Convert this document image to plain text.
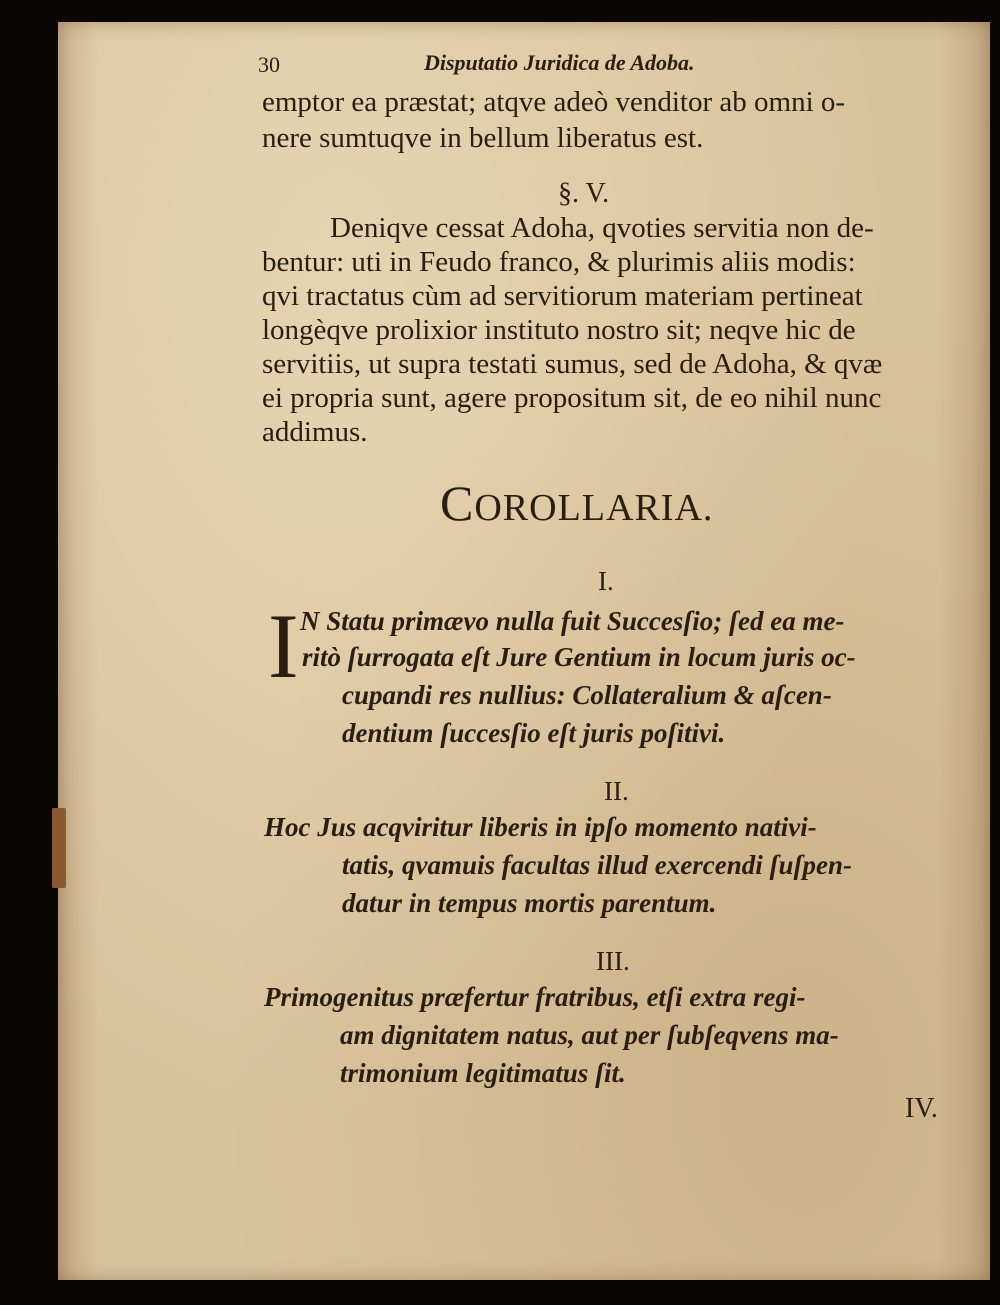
30	Disputatio Juridica de Adoba.
emptor ea præstat; atqve adeò venditor ab omni o-
nere sumtuqve in bellum liberatus est.
§. V.
Deniqve cessat Adoha, qvoties servitia non de-
bentur: uti in Feudo franco, & plurimis aliis modis:
qvi tractatus cùm ad servitiorum materiam pertineat
longèqve prolixior instituto nostro sit; neqve hic de
servitiis, ut supra testati sumus, sed de Adoha, & qvæ
ei propria sunt, agere propositum sit, de eo nihil nunc
addimus.
COROLLARIA.
I.
I N Statu primævo nulla fuit Succesſio; ſed ea me-
ritò ſurrogata eſt Jure Gentium in locum juris oc-
cupandi res nullius: Collateralium & aſcen-
dentium ſuccesſio eſt juris poſitivi.
II.
Hoc Jus acqviritur liberis in ipſo momento nativi-
tatis, qvamuis facultas illud exercendi ſuſpen-
datur in tempus mortis parentum.
III.
Primogenitus præfertur fratribus, etſi extra regi-
am dignitatem natus, aut per ſubſeqvens ma-
trimonium legitimatus ſit.
IV.
